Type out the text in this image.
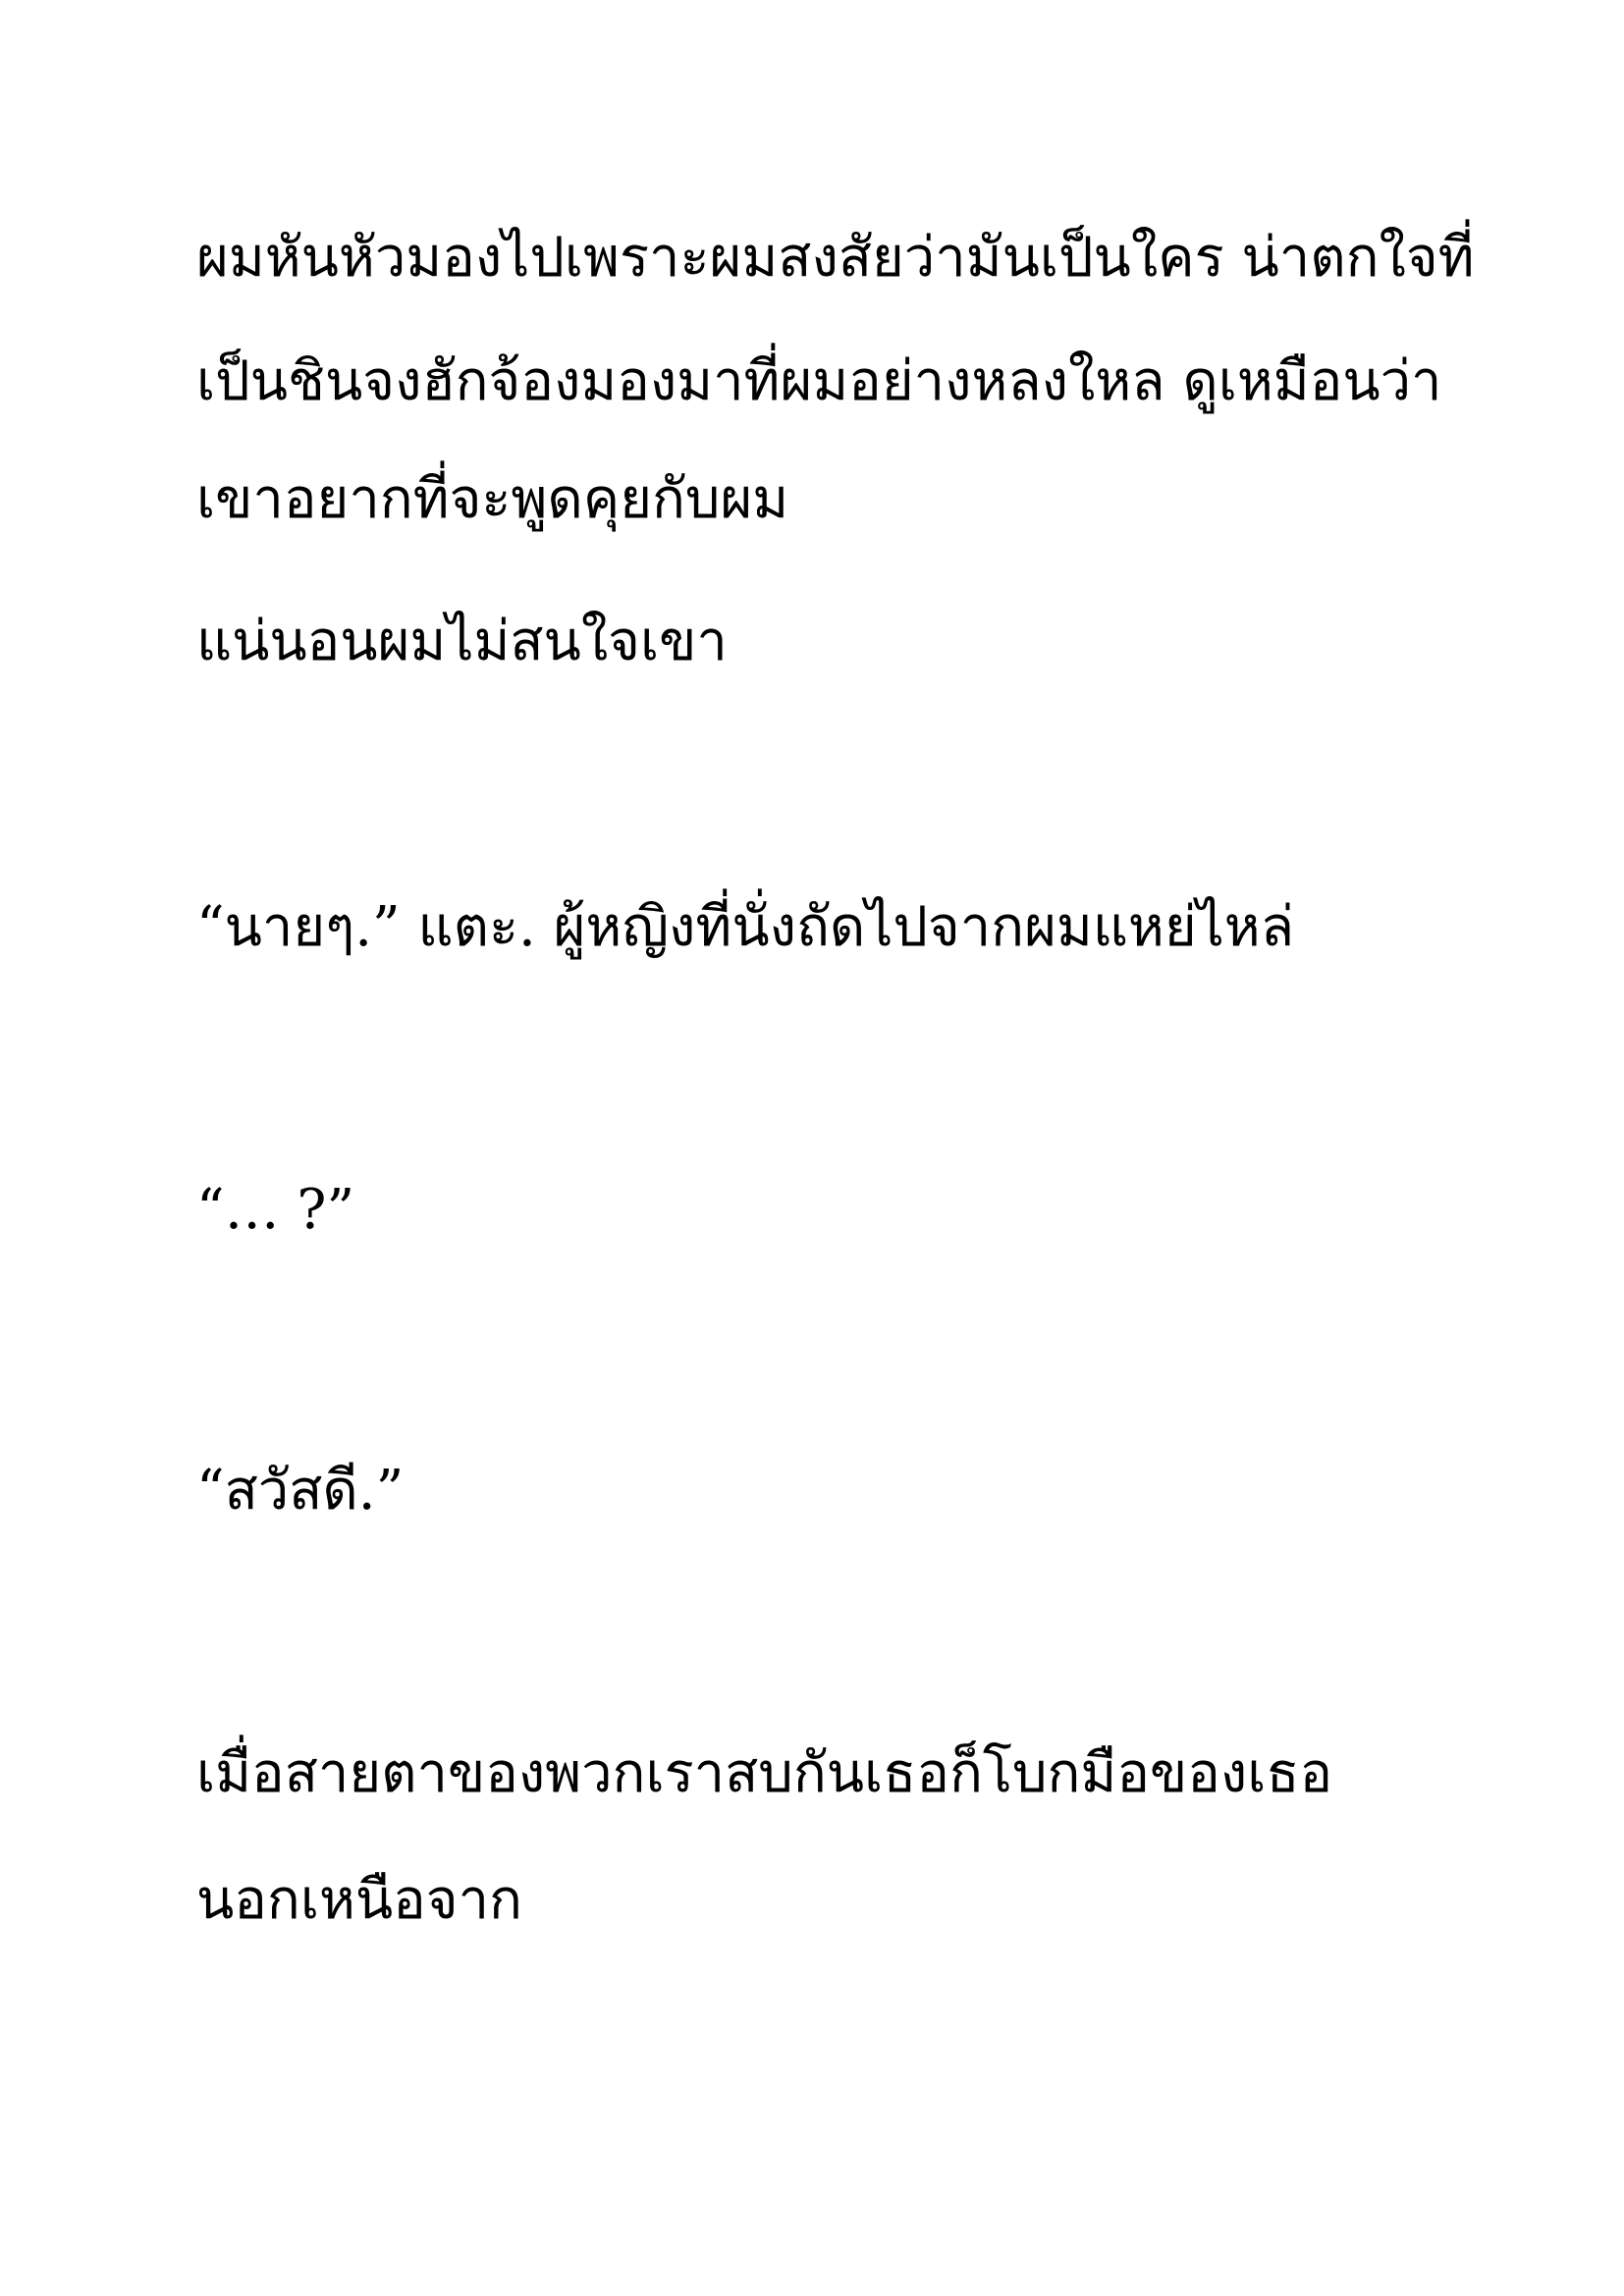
ผมหันหัวมองไปเพราะผมสงสัยว่ามันเป็นใคร น่าตกใจที่

เป็นชินจงฮักจ้องมองมาที่ผมอย่างหลงใหล ดูเหมือนว่า

เขาอยากที่จะพูดคุยกับผม

แน่นอนผมไม่สนใจเขา

“นายๆ.” แตะ. ผู้หญิงที่นั่งถัดไปจากผมแหย่ไหล่

“… ?”

“สวัสดี.”

เมื่อสายตาของพวกเราสบกันเธอก็โบกมือของเธอ

นอกเหนือจาก
